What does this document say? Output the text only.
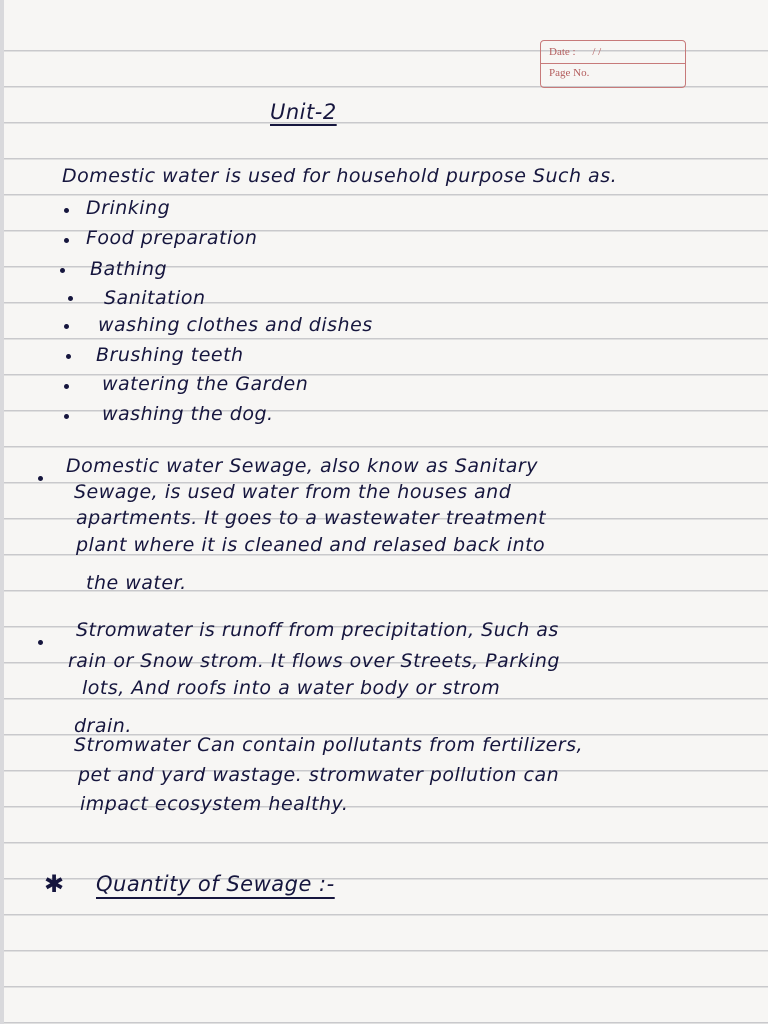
Date : / /
Page No.
Unit-2
Domestic water is used for household purpose Such as.
Drinking
Food preparation
Bathing
Sanitation
washing clothes and dishes
Brushing teeth
watering the Garden
washing the dog.
Domestic water Sewage, also know as Sanitary
Sewage, is used water from the houses and
apartments. It goes to a wastewater treatment
plant where it is cleaned and relased back into
the water.
Stromwater is runoff from precipitation, Such as
rain or Snow strom. It flows over Streets, Parking
lots, And roofs into a water body or strom
drain.
Stromwater Can contain pollutants from fertilizers,
pet and yard wastage. stromwater pollution can
impact ecosystem healthy.
✱ Quantity of Sewage :-
